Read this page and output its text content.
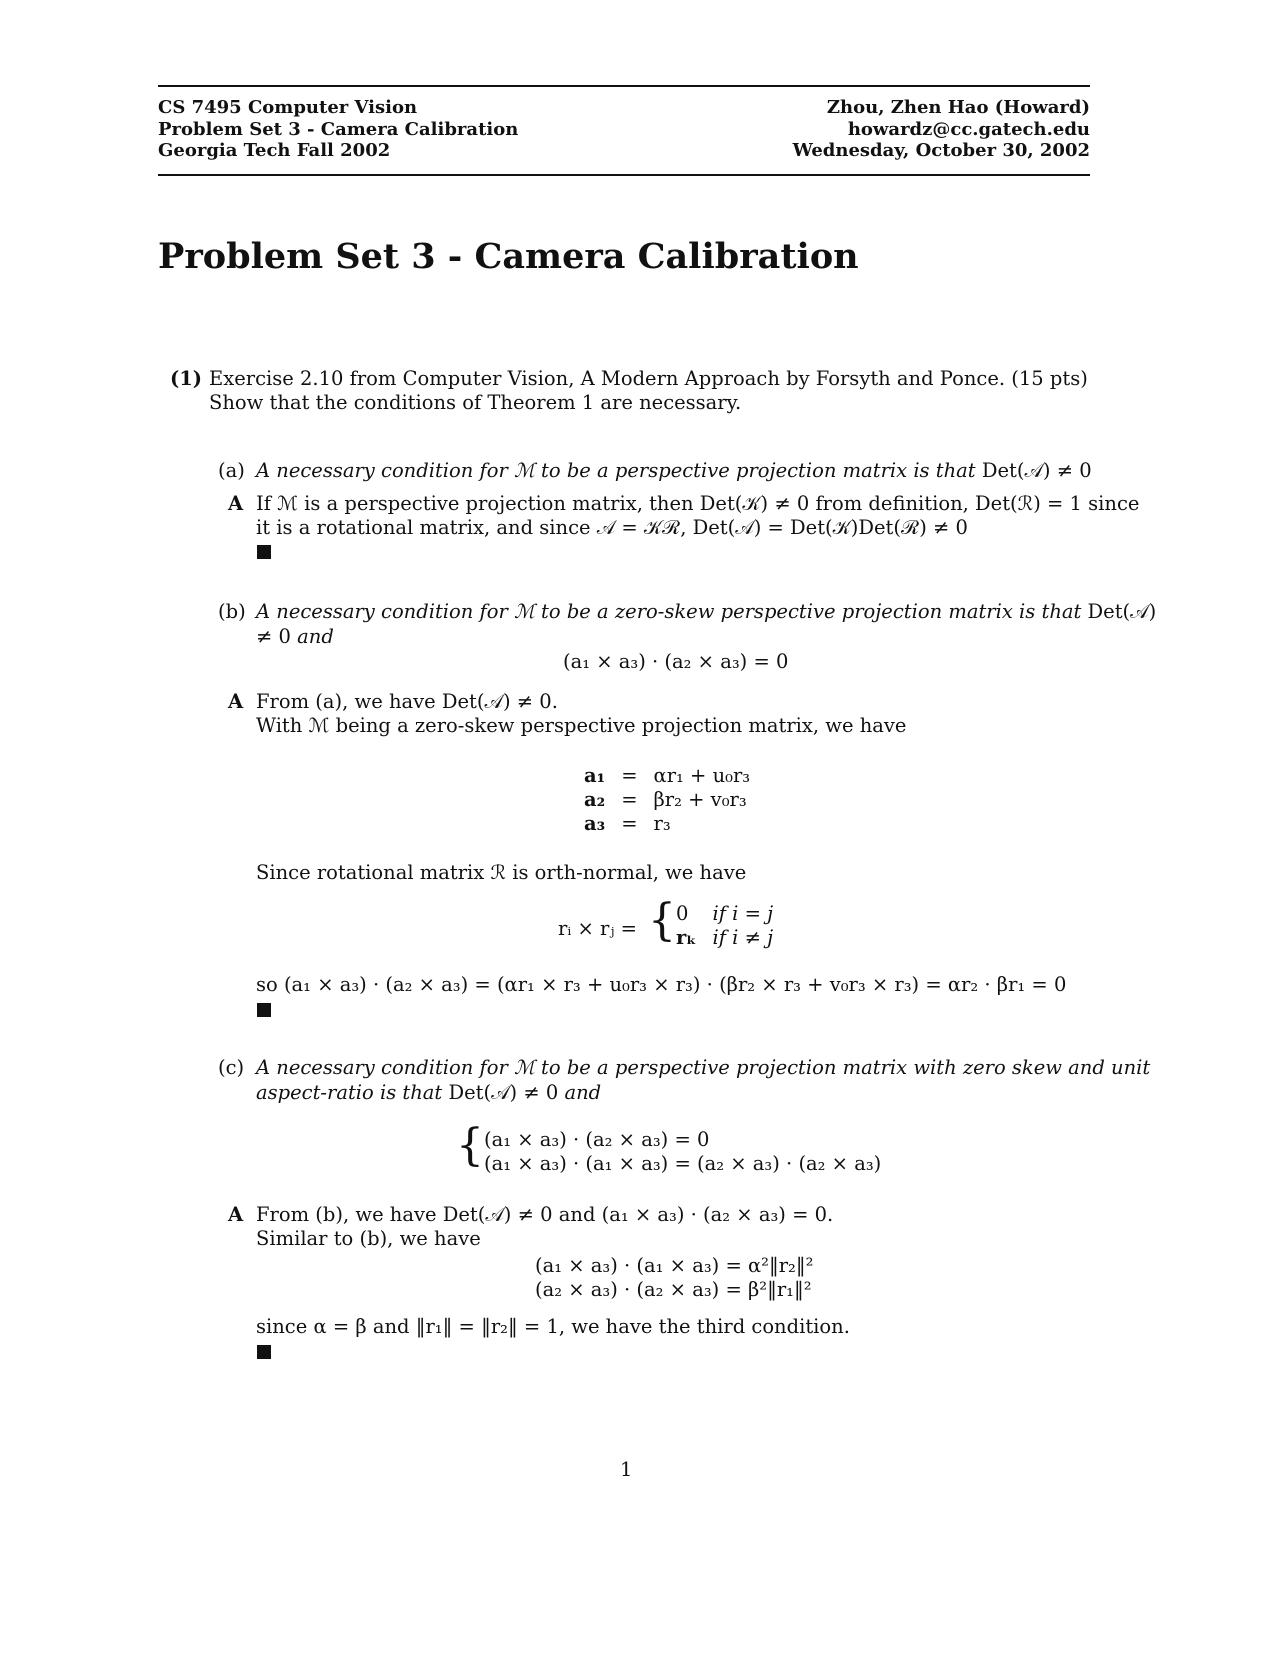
CS 7495 Computer Vision
Problem Set 3 - Camera Calibration
Georgia Tech Fall 2002
Zhou, Zhen Hao (Howard)
howardz@cc.gatech.edu
Wednesday, October 30, 2002
Problem Set 3 - Camera Calibration
(1) Exercise 2.10 from Computer Vision, A Modern Approach by Forsyth and Ponce. (15 pts)
Show that the conditions of Theorem 1 are necessary.
(a) A necessary condition for ℳ to be a perspective projection matrix is that Det(𝒜) ≠ 0
A If ℳ is a perspective projection matrix, then Det(𝒦) ≠ 0 from definition, Det(ℛ) = 1 since
it is a rotational matrix, and since 𝒜 = 𝒦ℛ, Det(𝒜) = Det(𝒦)Det(ℛ) ≠ 0
(b) A necessary condition for ℳ to be a zero-skew perspective projection matrix is that Det(𝒜)
≠ 0 and
(a₁ × a₃) · (a₂ × a₃) = 0
A From (a), we have Det(𝒜) ≠ 0.
With ℳ being a zero-skew perspective projection matrix, we have
a₁	=	αr₁ + u₀r₃
a₂	=	βr₂ + v₀r₃
a₃	=	r₃
Since rotational matrix ℛ is orth-normal, we have
rᵢ × rⱼ = { 0	if i = j
rₖ	if i ≠ j
so (a₁ × a₃) · (a₂ × a₃) = (αr₁ × r₃ + u₀r₃ × r₃) · (βr₂ × r₃ + v₀r₃ × r₃) = αr₂ · βr₁ = 0
(c) A necessary condition for ℳ to be a perspective projection matrix with zero skew and unit
aspect-ratio is that Det(𝒜) ≠ 0 and
{ (a₁ × a₃) · (a₂ × a₃) = 0
(a₁ × a₃) · (a₁ × a₃) = (a₂ × a₃) · (a₂ × a₃)
A From (b), we have Det(𝒜) ≠ 0 and (a₁ × a₃) · (a₂ × a₃) = 0.
Similar to (b), we have
(a₁ × a₃) · (a₁ × a₃) = α²‖r₂‖²
(a₂ × a₃) · (a₂ × a₃) = β²‖r₁‖²
since α = β and ‖r₁‖ = ‖r₂‖ = 1, we have the third condition.
1
